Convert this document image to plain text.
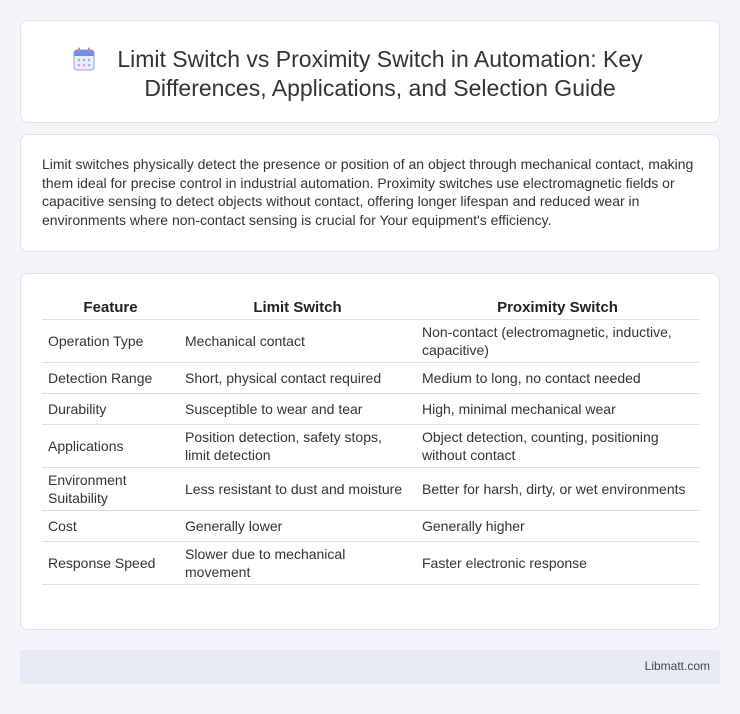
Limit Switch vs Proximity Switch in Automation: Key Differences, Applications, and Selection Guide

Limit switches physically detect the presence or position of an object through mechanical contact, making them ideal for precise control in industrial automation. Proximity switches use electromagnetic fields or capacitive sensing to detect objects without contact, offering longer lifespan and reduced wear in environments where non-contact sensing is crucial for Your equipment's efficiency.

Feature	Limit Switch	Proximity Switch
Operation Type	Mechanical contact	Non-contact (electromagnetic, inductive, capacitive)
Detection Range	Short, physical contact required	Medium to long, no contact needed
Durability	Susceptible to wear and tear	High, minimal mechanical wear
Applications	Position detection, safety stops, limit detection	Object detection, counting, positioning without contact
Environment Suitability	Less resistant to dust and moisture	Better for harsh, dirty, or wet environments
Cost	Generally lower	Generally higher
Response Speed	Slower due to mechanical movement	Faster electronic response
Libmatt.com
